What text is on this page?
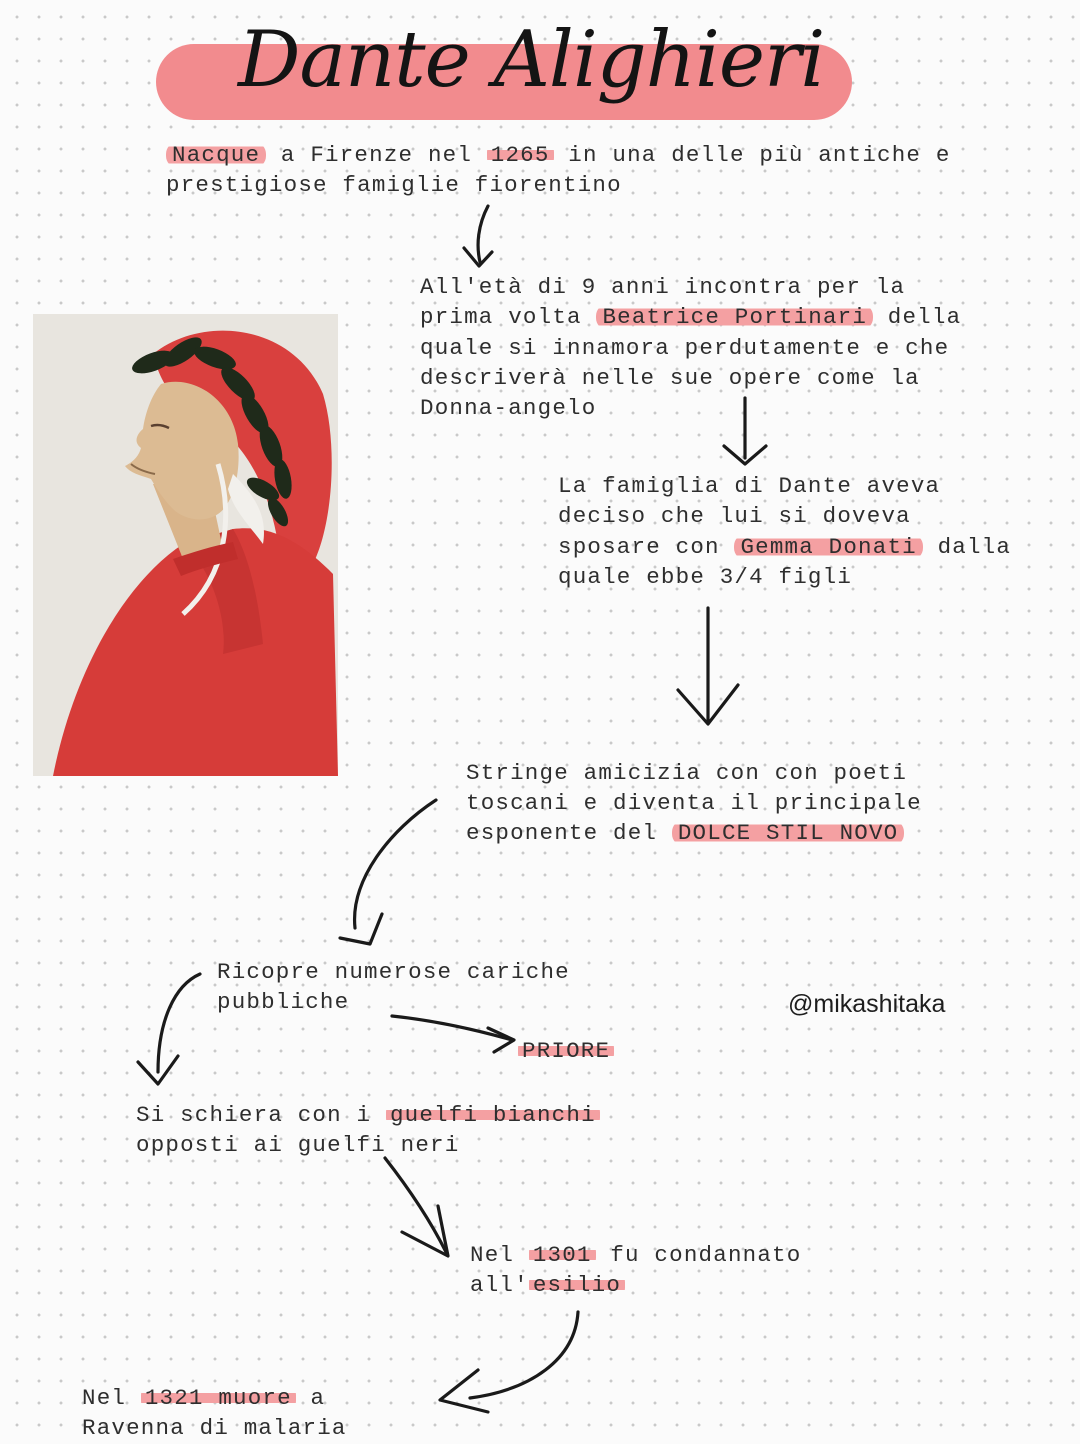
Dante Alighieri
Nacque a Firenze nel 1265 in una delle più antiche e
prestigiose famiglie fiorentino
All'età di 9 anni incontra per la
prima volta Beatrice Portinari della
quale si innamora perdutamente e che
descriverà nelle sue opere come la
Donna-angelo
La famiglia di Dante aveva
deciso che lui si doveva
sposare con Gemma Donati dalla
quale ebbe 3/4 figli
Stringe amicizia con con poeti
toscani e diventa il principale
esponente del DOLCE STIL NOVO
Ricopre numerose cariche
pubbliche
PRIORE
@mikashitaka
Si schiera con i guelfi bianchi
opposti ai guelfi neri
Nel 1301 fu condannato
all' esilio
Nel 1321 muore a
Ravenna di malaria
